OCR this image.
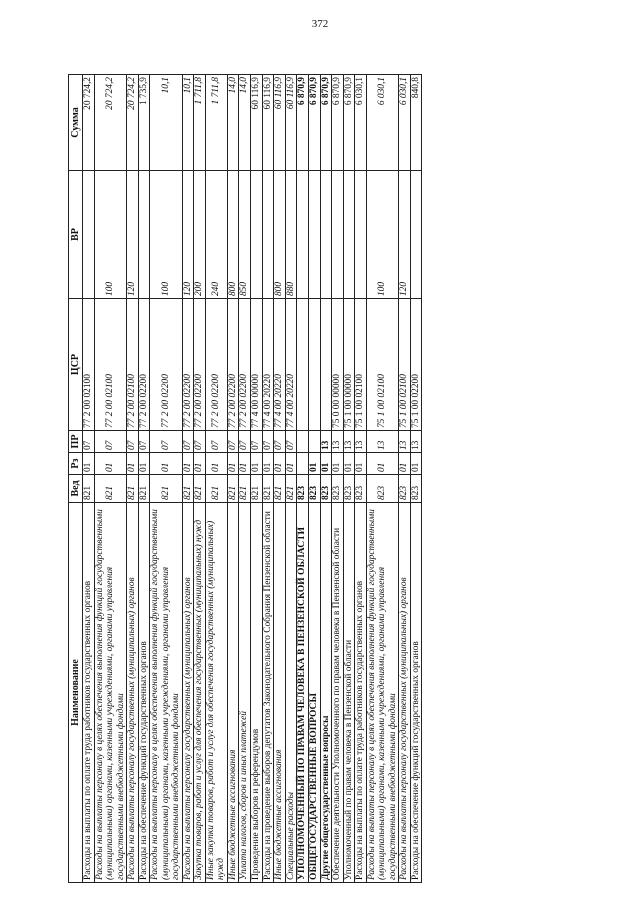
372
Наименование	Вед	Рз	ПР	ЦСР	ВР	Сумма
Расходы на выплаты по оплате труда работников государственных органов	821	01	07	77 2 00 02100		20 724,2
Расходы на выплаты персоналу в целях обеспечения выполнения функций государственными (муниципальными) органами, казенными учреждениями, органами управления государственными внебюджетными фондами	821	01	07	77 2 00 02100	100	20 724,2
Расходы на выплаты персоналу государственных (муниципальных) органов	821	01	07	77 2 00 02100	120	20 724,2
Расходы на обеспечение функций государственных органов	821	01	07	77 2 00 02200		1 735,9
Расходы на выплаты персоналу в целях обеспечения выполнения функций государственными (муниципальными) органами, казенными учреждениями, органами управления государственными внебюджетными фондами	821	01	07	77 2 00 02200	100	10,1
Расходы на выплаты персоналу государственных (муниципальных) органов	821	01	07	77 2 00 02200	120	10,1
Закупка товаров, работ и услуг для обеспечения государственных (муниципальных) нужд	821	01	07	77 2 00 02200	200	1 711,8
Иные закупки товаров, работ и услуг для обеспечения государственных (муниципальных) нужд	821	01	07	77 2 00 02200	240	1 711,8
Иные бюджетные ассигнования	821	01	07	77 2 00 02200	800	14,0
Уплата налогов, сборов и иных платежей	821	01	07	77 2 00 02200	850	14,0
Проведение выборов и референдумов	821	01	07	77 4 00 00000		60 116,9
Расходы на проведение выборов депутатов Законодательного Собрания Пензенской области	821	01	07	77 4 00 20220		60 116,9
Иные бюджетные ассигнования	821	01	07	77 4 00 20220	800	60 116,9
Специальные расходы	821	01	07	77 4 00 20220	880	60 116,9
УПОЛНОМОЧЕННЫЙ ПО ПРАВАМ ЧЕЛОВЕКА В ПЕНЗЕНСКОЙ ОБЛАСТИ	823					6 870,9
ОБЩЕГОСУДАРСТВЕННЫЕ ВОПРОСЫ	823	01				6 870,9
Другие общегосударственные вопросы	823	01	13			6 870,9
Обеспечение деятельности Уполномоченного по правам человека в Пензенской области	823	01	13	75 0 00 00000		6 870,9
Уполномоченный по правам человека в Пензенской области	823	01	13	75 1 00 00000		6 870,9
Расходы на выплаты по оплате труда работников государственных органов	823	01	13	75 1 00 02100		6 030,1
Расходы на выплаты персоналу в целях обеспечения выполнения функций государственными (муниципальными) органами, казенными учреждениями, органами управления государственными внебюджетными фондами	823	01	13	75 1 00 02100	100	6 030,1
Расходы на выплаты персоналу государственных (муниципальных) органов	823	01	13	75 1 00 02100	120	6 030,1
Расходы на обеспечение функций государственных органов	823	01	13	75 1 00 02200		840,8
